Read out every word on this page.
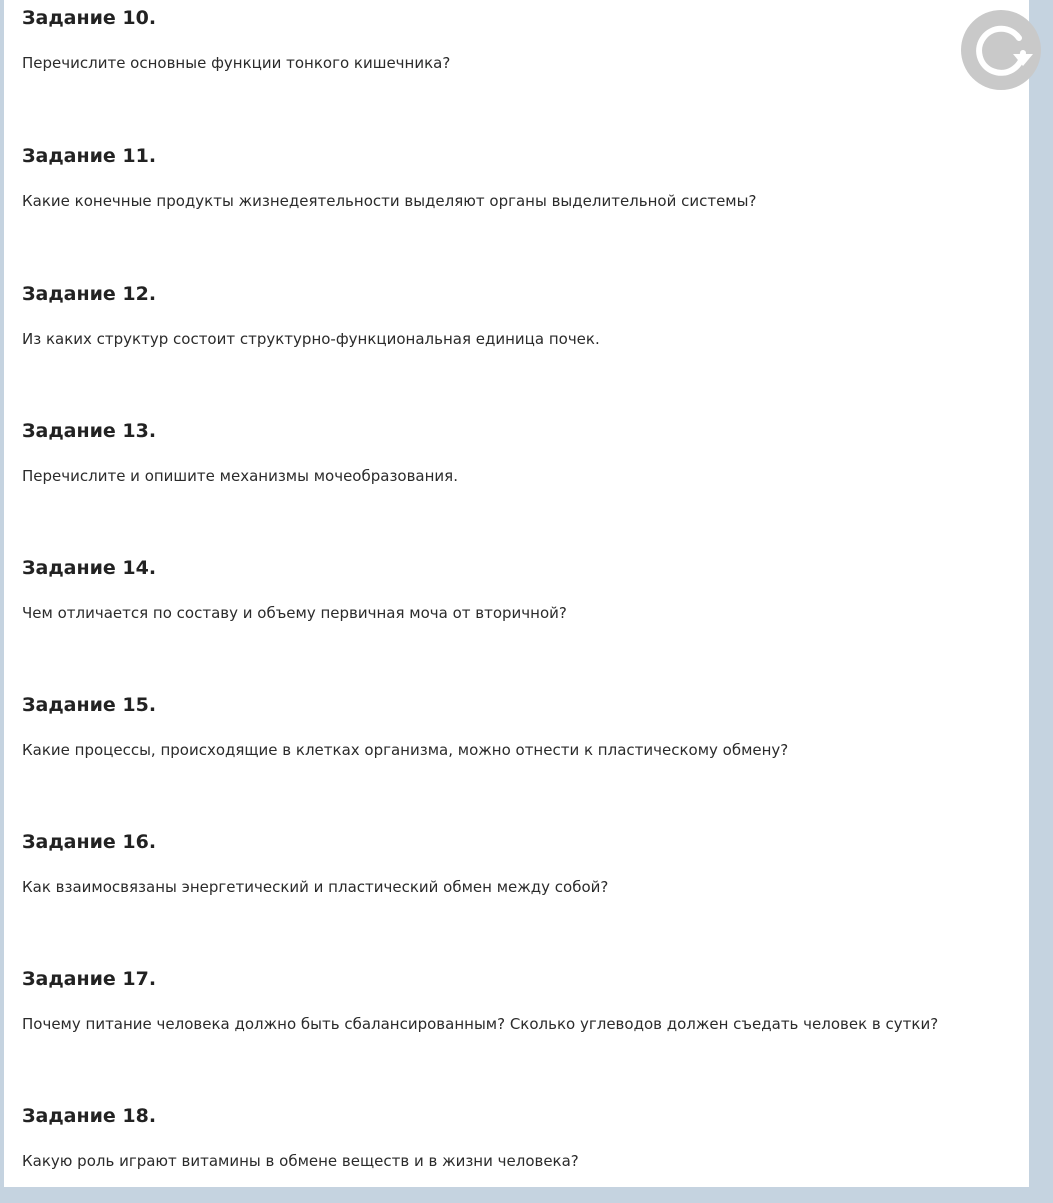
Задание 10.
Перечислите основные функции тонкого кишечника?
Задание 11.
Какие конечные продукты жизнедеятельности выделяют органы выделительной системы?
Задание 12.
Из каких структур состоит структурно-функциональная единица почек.
Задание 13.
Перечислите и опишите механизмы мочеобразования.
Задание 14.
Чем отличается по составу и объему первичная моча от вторичной?
Задание 15.
Какие процессы, происходящие в клетках организма, можно отнести к пластическому обмену?
Задание 16.
Как взаимосвязаны энергетический и пластический обмен между собой?
Задание 17.
Почему питание человека должно быть сбалансированным? Сколько углеводов должен съедать человек в сутки?
Задание 18.
Какую роль играют витамины в обмене веществ и в жизни человека?
